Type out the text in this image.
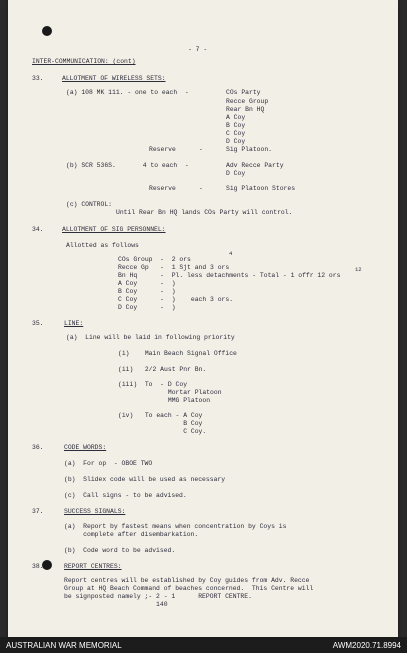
- 7 -
INTER-COMMUNICATION: (cont)
33.	ALLOTMENT OF WIRELESS SETS:
(a) 108 MK 111. - one to each  -	COs Party
Recce Group
Rear Bn HQ
A Coy
B Coy
C Coy
D Coy
Reserve      -	Sig Platoon.
(b) SCR 536S.       4 to each  -	Adv Recce Party
D Coy
Reserve      -	Sig Platoon Stores
(c) CONTROL:
Until Rear Bn HQ lands COs Party will control.
34.	ALLOTMENT OF SIG PERSONNEL:
Allotted as follows
COs Group  -  2 ors
Recce Gp   -  1 Sjt and 3 ors
Bn Hq      -  Pl. less detachments - Total - 1 offr 12 ors
A Coy      -  )
B Coy      -  )
C Coy      -  )    each 3 ors.
D Coy      -  )
4
12
35.	LINE:
(a)  Line will be laid in following priority
(i)    Main Beach Signal Office
(ii)   2/2 Aust Pnr Bn.
(iii)  To  - D Coy
Mortar Platoon
MMG Platoon
(iv)   To each - A Coy
B Coy
C Coy.
36.	CODE WORDS:
(a)  For op  - OBOE TWO
(b)  Slidex code will be used as necessary
(c)  Call signs - to be advised.
37.	SUCCESS SIGNALS:
(a)  Report by fastest means when concentration by Coys is
complete after disembarkation.
(b)  Code word to be advised.
38.	REPORT CENTRES:
Report centres will be established by Coy guides from Adv. Recce
Group at HQ Beach Command of beaches concerned.  This Centre will
be signposted namely ;- 2 - 1      REPORT CENTRE.
140
AUSTRALIAN WAR MEMORIAL	AWM2020.71.8994
